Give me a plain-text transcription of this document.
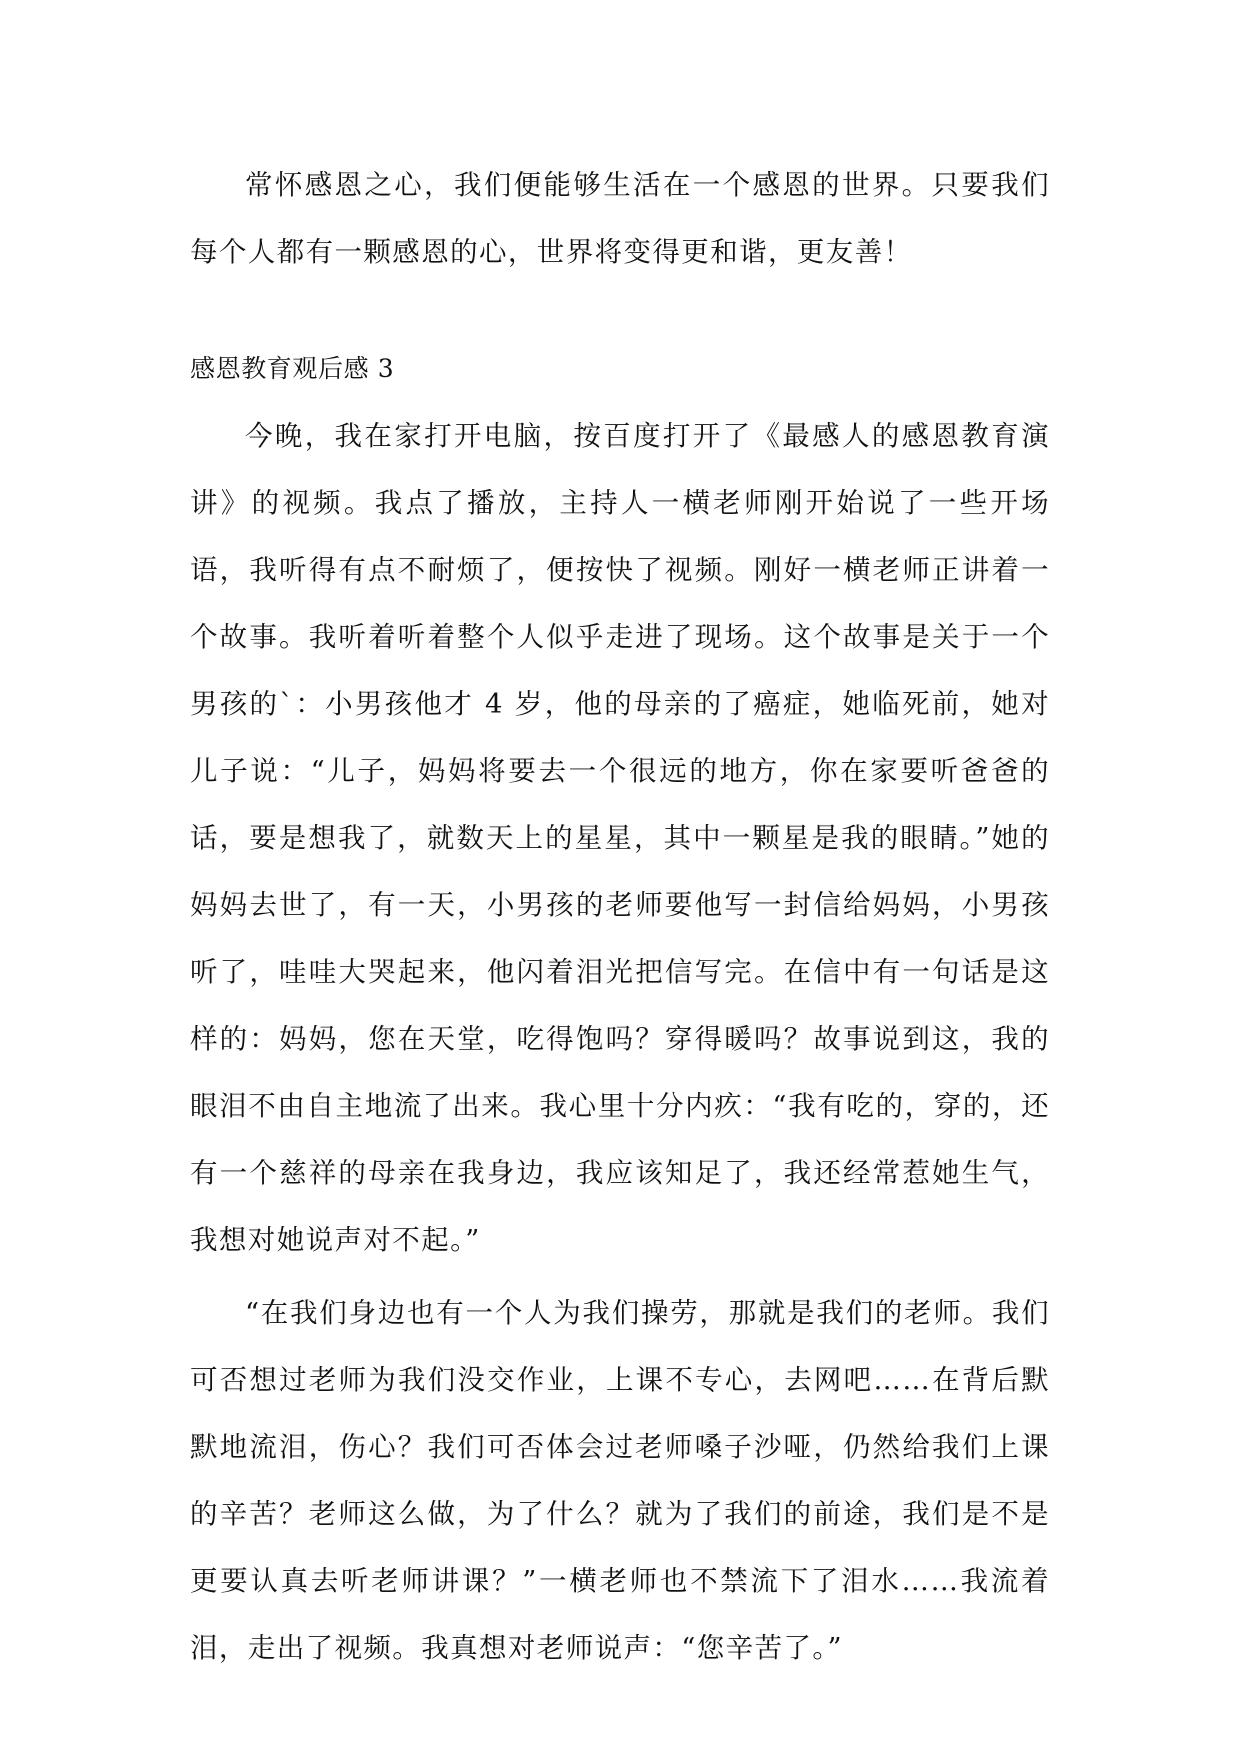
常怀感恩之心，我们便能够生活在一个感恩的世界。只要我们每个人都有一颗感恩的心，世界将变得更和谐，更友善！

感恩教育观后感 3

今晚，我在家打开电脑，按百度打开了《最感人的感恩教育演讲》的视频。我点了播放，主持人一横老师刚开始说了一些开场语，我听得有点不耐烦了，便按快了视频。刚好一横老师正讲着一个故事。我听着听着整个人似乎走进了现场。这个故事是关于一个男孩的`：小男孩他才 4 岁，他的母亲的了癌症，她临死前，她对儿子说：“儿子，妈妈将要去一个很远的地方，你在家要听爸爸的话，要是想我了，就数天上的星星，其中一颗星是我的眼睛。”她的妈妈去世了，有一天，小男孩的老师要他写一封信给妈妈，小男孩听了，哇哇大哭起来，他闪着泪光把信写完。在信中有一句话是这样的：妈妈，您在天堂，吃得饱吗？穿得暖吗？故事说到这，我的眼泪不由自主地流了出来。我心里十分内疚：“我有吃的，穿的，还有一个慈祥的母亲在我身边，我应该知足了，我还经常惹她生气，我想对她说声对不起。”

“在我们身边也有一个人为我们操劳，那就是我们的老师。我们可否想过老师为我们没交作业，上课不专心，去网吧……在背后默默地流泪，伤心？我们可否体会过老师嗓子沙哑，仍然给我们上课的辛苦？老师这么做，为了什么？就为了我们的前途，我们是不是更要认真去听老师讲课？”一横老师也不禁流下了泪水……我流着泪，走出了视频。我真想对老师说声：“您辛苦了。”
